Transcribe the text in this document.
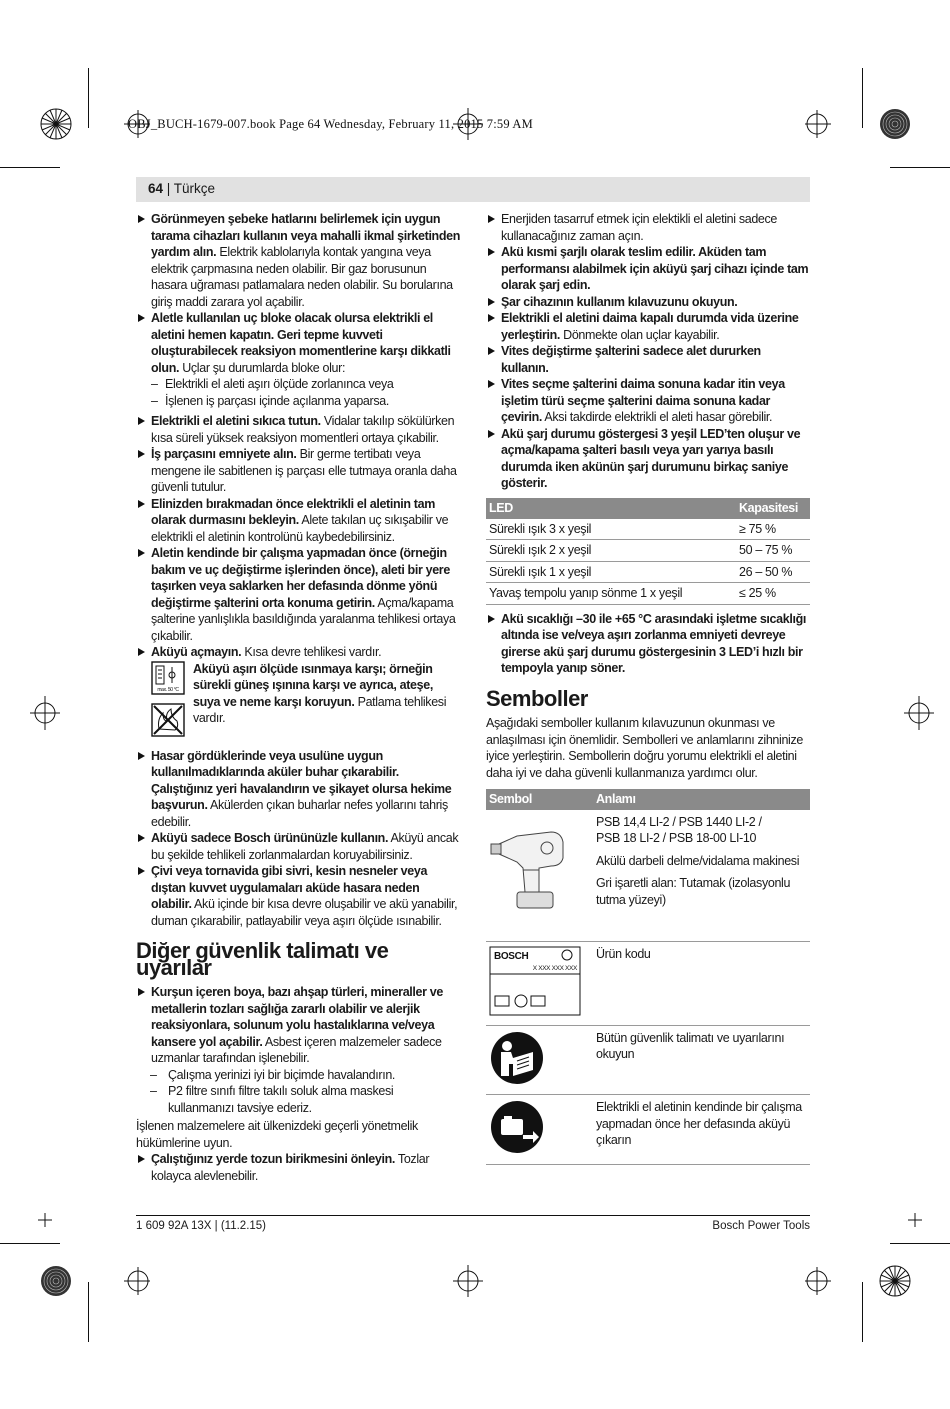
OBJ_BUCH-1679-007.book Page 64 Wednesday, February 11, 2015 7:59 AM
64 | Türkçe

Görünmeyen şebeke hatlarını belirlemek için uygun tarama cihazları kullanın veya mahalli ikmal şirketinden yardım alın. Elektrik kablolarıyla kontak yangına veya elektrik çarpmasına neden olabilir. Bir gaz borusunun hasara uğraması patlamalara neden olabilir. Su borularına giriş maddi zarara yol açabilir.

Aletle kullanılan uç bloke olacak olursa elektrikli el aletini hemen kapatın. Geri tepme kuvveti oluşturabilecek reaksiyon momentlerine karşı dikkatli olun. Uçlar şu durumlarda bloke olur:

– Elektrikli el aleti aşırı ölçüde zorlanınca veya

– İşlenen iş parçası içinde açılanma yaparsa.

Elektrikli el aletini sıkıca tutun. Vidalar takılıp sökülürken kısa süreli yüksek reaksiyon momentleri ortaya çıkabilir.

İş parçasını emniyete alın. Bir germe tertibatı veya mengene ile sabitlenen iş parçası elle tutmaya oranla daha güvenli tutulur.

Elinizden bırakmadan önce elektrikli el aletinin tam olarak durmasını bekleyin. Alete takılan uç sıkışabilir ve elektrikli el aletinin kontrolünü kaybedebilirsiniz.

Aletin kendinde bir çalışma yapmadan önce (örneğin bakım ve uç değiştirme işlerinden önce), aleti bir yere taşırken veya saklarken her defasında dönme yönü değiştirme şalterini orta konuma getirin. Açma/kapama şalterine yanlışlıkla basıldığında yaralanma tehlikesi ortaya çıkabilir.

Aküyü açmayın. Kısa devre tehlikesi vardır.

max. 50 °C

Aküyü aşırı ölçüde ısınmaya karşı; örneğin sürekli güneş ışınına karşı ve ayrıca, ateşe, suya ve neme karşı koruyun. Patlama tehlikesi vardır.

Hasar gördüklerinde veya usulüne uygun kullanılmadıklarında aküler buhar çıkarabilir. Çalıştığınız yeri havalandırın ve şikayet olursa hekime başvurun. Akülerden çıkan buharlar nefes yollarını tahriş edebilir.

Aküyü sadece Bosch ürününüzle kullanın. Aküyü ancak bu şekilde tehlikeli zorlanmalardan koruyabilirsiniz.

Çivi veya tornavida gibi sivri, kesin nesneler veya dıştan kuvvet uygulamaları aküde hasara neden olabilir. Akü içinde bir kısa devre oluşabilir ve akü yanabilir, duman çıkarabilir, patlayabilir veya aşırı ölçüde ısınabilir.

Diğer güvenlik talimatı ve uyarılar

Kurşun içeren boya, bazı ahşap türleri, mineraller ve metallerin tozları sağlığa zararlı olabilir ve alerjik reaksiyonlara, solunum yolu hastalıklarına ve/veya kansere yol açabilir. Asbest içeren malzemeler sadece uzmanlar tarafından işlenebilir.

– Çalışma yerinizi iyi bir biçimde havalandırın.

– P2 filtre sınıfı filtre takılı soluk alma maskesi kullanmanızı tavsiye ederiz.

İşlenen malzemelere ait ülkenizdeki geçerli yönetmelik hükümlerine uyun.

Çalıştığınız yerde tozun birikmesini önleyin. Tozlar kolayca alevlenebilir.

Enerjiden tasarruf etmek için elektikli el aletini sadece kullanacağınız zaman açın.

Akü kısmi şarjlı olarak teslim edilir. Aküden tam performansı alabilmek için aküyü şarj cihazı içinde tam olarak şarj edin.

Şar cihazının kullanım kılavuzunu okuyun.

Elektrikli el aletini daima kapalı durumda vida üzerine yerleştirin. Dönmekte olan uçlar kayabilir.

Vites değiştirme şalterini sadece alet dururken kullanın.

Vites seçme şalterini daima sonuna kadar itin veya işletim türü seçme şalterini daima sonuna kadar çevirin. Aksi takdirde elektrikli el aleti hasar görebilir.

Akü şarj durumu göstergesi 3 yeşil LED’ten oluşur ve açma/kapama şalteri basılı veya yarı yarıya basılı durumda iken akünün şarj durumunu birkaç saniye gösterir.

LED	Kapasitesi
Sürekli ışık 3 x yeşil	≥ 75 %
Sürekli ışık 2 x yeşil	50 – 75 %
Sürekli ışık 1 x yeşil	26 – 50 %
Yavaş tempolu yanıp sönme 1 x yeşil	≤ 25 %

Akü sıcaklığı –30 ile +65 °C arasındaki işletme sıcaklığı altında ise ve/veya aşırı zorlanma emniyeti devreye girerse akü şarj durumu göstergesinin 3 LED’i hızlı bir tempoyla yanıp söner.

Semboller

Aşağıdaki semboller kullanım kılavuzunun okunması ve anlaşılması için önemlidir. Sembolleri ve anlamlarını zihninize iyice yerleştirin. Sembollerin doğru yorumu elektrikli el aletini daha iyi ve daha güvenli kullanmanıza yardımcı olur.

Sembol	Anlamı

PSB 14,4 LI-2 / PSB 1440 LI-2 /
PSB 18 LI-2 / PSB 18-00 LI-10
Akülü darbeli delme/vidalama makinesi
Gri işaretli alan: Tutamak (izolasyonlu tutma yüzeyi)

BOSCH
X XXX XXX XXX	Ürün kodu
	Bütün güvenlik talimatı ve uyarılarını okuyun
	Elektrikli el aletinin kendinde bir çalışma yapmadan önce her defasında aküyü çıkarın
1 609 92A 13X | (11.2.15)	Bosch Power Tools
